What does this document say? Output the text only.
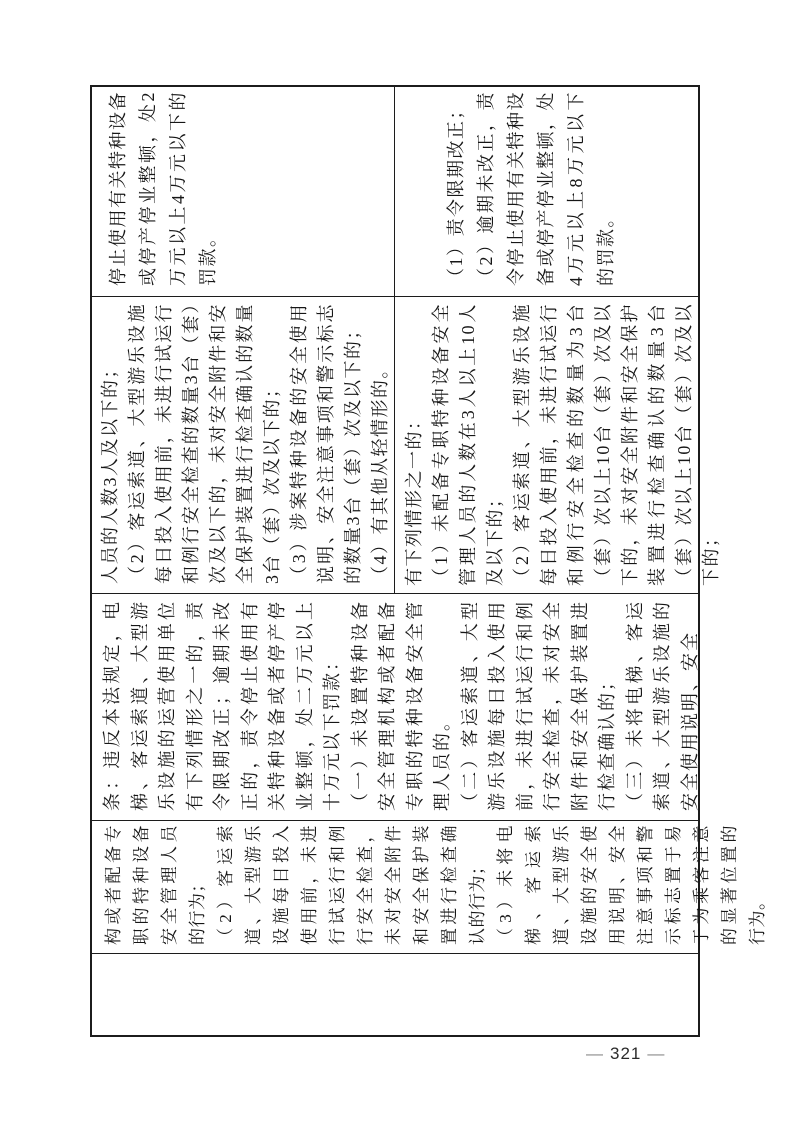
构或者配备专职的特种设备安全管理人员的行为； （2）客运索道、大型游乐设施每日投入使用前，未进行试运行和例行安全检查，未对安全附件和安全保护装置进行检查确认的行为； （3）未将电梯、客运索道、大型游乐设施的安全使用说明、安全注意事项和警示标志置于易于为乘客注意的显著位置的行为。

条：违反本法规定，电梯、客运索道、大型游乐设施的运营使用单位有下列情形之一的，责令限期改正；逾期未改正的，责令停止使用有关特种设备或者停产停业整顿，处二万元以上十万元以下罚款： （一）未设置特种设备安全管理机构或者配备专职的特种设备安全管理人员的。 （二）客运索道、大型游乐设施每日投入使用前，未进行试运行和例行安全检查，未对安全附件和安全保护装置进行检查确认的； （三）未将电梯、客运索道、大型游乐设施的安全使用说明、安全

人员的人数3人及以下的； （2）客运索道、大型游乐设施每日投入使用前，未进行试运行和例行安全检查的数量3台（套）次及以下的，未对安全附件和安全保护装置进行检查确认的数量3台（套）次及以下的； （3）涉案特种设备的安全使用说明、安全注意事项和警示标志的数量3台（套）次及以下的； （4）有其他从轻情形的。 有下列情形之一的： （1）未配备专职特种设备安全管理人员的人数在3人以上10人及以下的； （2）客运索道、大型游乐设施每日投入使用前，未进行试运行和例行安全检查的数量为3台（套）次以上10台（套）次及以下的，未对安全附件和安全保护装置进行检查确认的数量3台（套）次以上10台（套）次及以下的；

停止使用有关特种设备或停产停业整顿，处2万元以上4万元以下的罚款。	（1）责令限期改正； （2）逾期未改正，责令停止使用有关特种设备或停产停业整顿，处4万元以上8万元以下的罚款。

— 321 —
